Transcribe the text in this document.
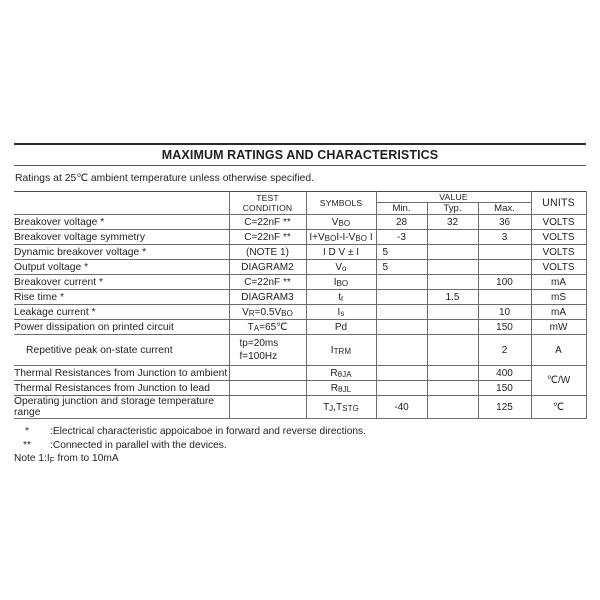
MAXIMUM RATINGS AND CHARACTERISTICS
Ratings at 25℃ ambient temperature unless otherwise specified.
	TEST
CONDITION	SYMBOLS	VALUE			UNITS
			Min.	Typ.	Max.	
Breakover voltage *	C=22nF **	$V_{BO}$	28	32	36	VOLTS
Breakover voltage symmetry	C=22nF **	$I+V_{BO}I-I-V_{BO}$ I	-3		3	VOLTS
Dynamic breakover voltage *	(NOTE 1)	I D V ± I	5			VOLTS
Output voltage *	DIAGRAM2	$V_o$	5			VOLTS
Breakover current *	C=22nF **	$I_{BO}$			100	mA
Rise time *	DIAGRAM3	$t_r$		1.5		mS
Leakage current *	$V_R=0.5V_{BO}$	$I_s$			10	mA
Power dissipation on printed circuit	$T_A=65℃$	Pd			150	mW
Repetitive peak on-state current	tp=20ms
f=100Hz	$I_{TRM}$			2	A
Thermal Resistances from Junction to ambient		$R_{\theta JA}$			400	℃/W
Thermal Resistances from Junction to lead		$R_{\theta JL}$			150	
Operating junction and storage temperature range		$T_J,T_{STG}$	-40		125	℃
* :Electrical characteristic appoicaboe in forward and reverse directions.
** :Connected in parallel with the devices.
Note $1:I_F$ from to 10mA
